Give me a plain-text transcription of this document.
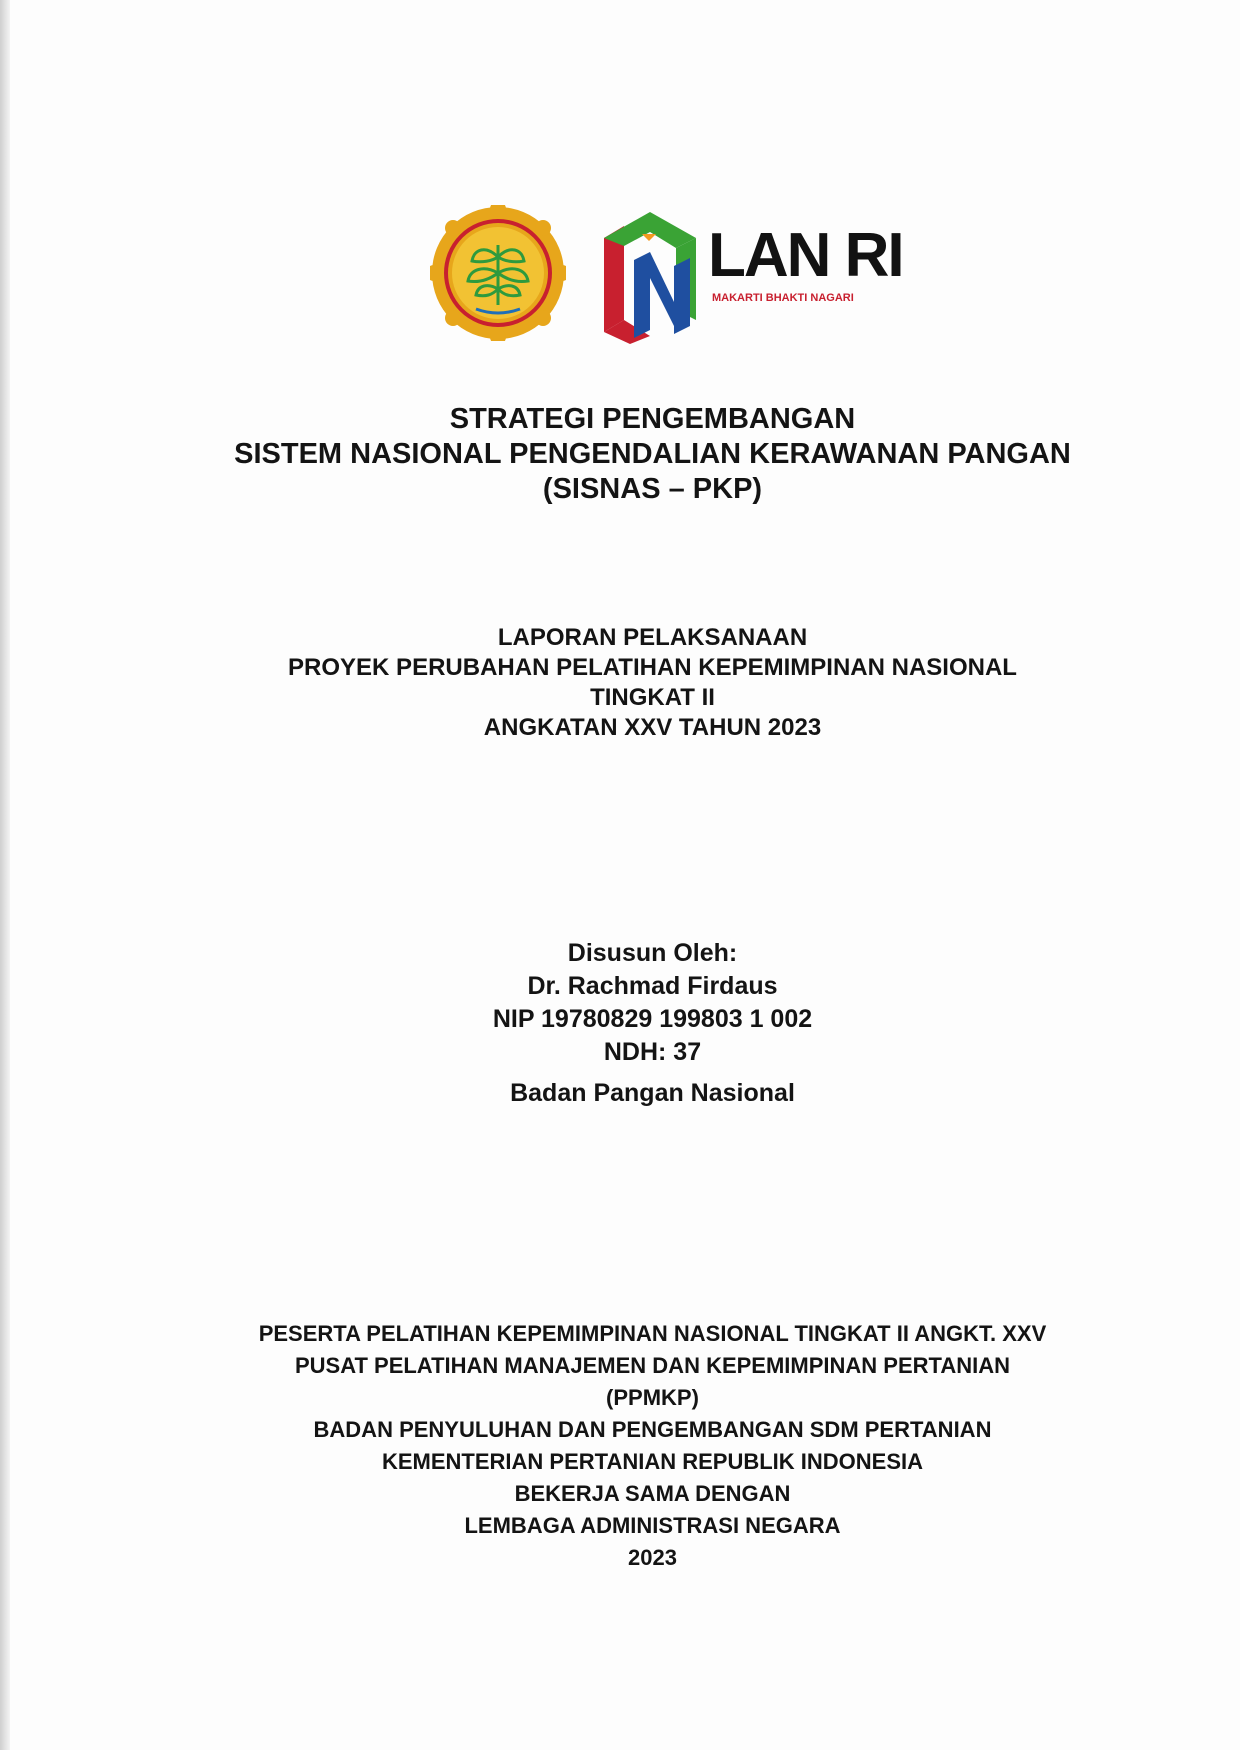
LAN RI
MAKARTI BHAKTI NAGARI
STRATEGI PENGEMBANGAN
SISTEM NASIONAL PENGENDALIAN KERAWANAN PANGAN
(SISNAS – PKP)
LAPORAN PELAKSANAAN
PROYEK PERUBAHAN PELATIHAN KEPEMIMPINAN NASIONAL
TINGKAT II
ANGKATAN XXV TAHUN 2023
Disusun Oleh:
Dr. Rachmad Firdaus
NIP 19780829 199803 1 002
NDH: 37
Badan Pangan Nasional
PESERTA PELATIHAN KEPEMIMPINAN NASIONAL TINGKAT II ANGKT. XXV
PUSAT PELATIHAN MANAJEMEN DAN KEPEMIMPINAN PERTANIAN
(PPMKP)
BADAN PENYULUHAN DAN PENGEMBANGAN SDM PERTANIAN
KEMENTERIAN PERTANIAN REPUBLIK INDONESIA
BEKERJA SAMA DENGAN
LEMBAGA ADMINISTRASI NEGARA
2023
